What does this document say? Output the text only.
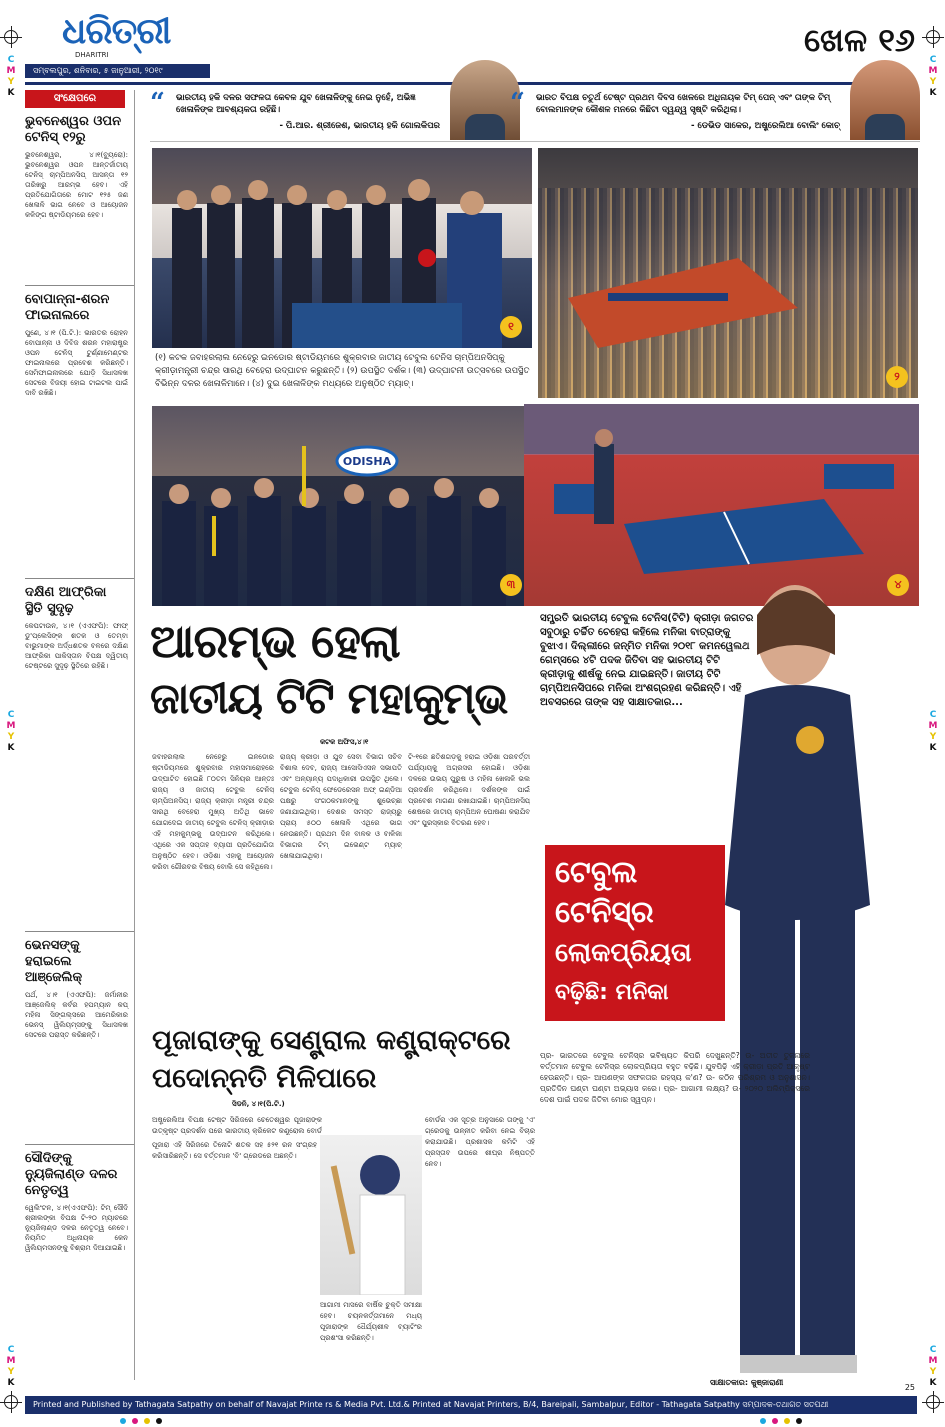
C
M
Y
K
C
M
Y
K
C
M
Y
K
C
M
Y
K
C
M
Y
K
C
M
Y
K
ଧରିତ୍ରୀ
DHARITRI
ସମ୍ବଲପୁର, ଶନିବାର, ୫ ଜାନୁଆରୀ, ୨୦୧୯
ଖେଳ ୧୬
ସଂକ୍ଷେପରେ
ଭୁବନେଶ୍ୱର ଓପନ ଟେନିସ୍ ୧୨ରୁ

ଭୁବନେଶ୍ୱର, ୪।୧(ବ୍ୟୁରୋ): ଭୁବନେଶ୍ୱର ଓପନ ଆନ୍ତର୍ଜାତୀୟ ଟେନିସ୍ ଚାମ୍ପିଅନସିପ୍ ଆସନ୍ତା ୧୨ ତାରିଖରୁ ଆରମ୍ଭ ହେବ। ଏହି ପ୍ରତିଯୋଗିତାରେ ମୋଟ ୧୨୫ ଜଣ ଖେଳାଳି ଭାଗ ନେବେ ଓ ଆୟୋଜନ କଳିଙ୍ଗ ଷ୍ଟାଡିୟମରେ ହେବ।

ବୋପାନ୍ନା-ଶରନ ଫାଇନାଲରେ

ପୁଣେ, ୪।୧ (ପି.ଟି.): ଭାରତର ରୋହନ ବୋପାନ୍ନା ଓ ଦିବିଜ ଶରନ ମହାରାଷ୍ଟ୍ର ଓପନ ଟେନିସ୍ ଟୁର୍ଣ୍ଣାମେଣ୍ଟର ଫାଇନାଲରେ ପ୍ରବେଶ କରିଛନ୍ତି। ସେମିଫାଇନାଲରେ ଯୋଡ଼ି ସିଧାସଳଖ ସେଟରେ ବିଜୟୀ ହୋଇ ଟାଇଟଲ ପାଇଁ ଦାବି ରଖିଛି।

ଦକ୍ଷିଣ ଆଫ୍ରିକା ସ୍ଥିତି ସୁଦୃଢ଼

କେପଟାଉନ, ୪।୧ (ଏଏଫପି): ଫାଫ୍ ଡୁ'ପ୍ଲେସିଙ୍କ ଶତକ ଓ ତେମ୍ବା ବାଭୁମାଙ୍କ ଅର୍ଦ୍ଧଶତକ ବଳରେ ଦକ୍ଷିଣ ଆଫ୍ରିକା ପାକିସ୍ତାନ ବିପକ୍ଷ ଦ୍ୱିତୀୟ ଟେଷ୍ଟରେ ସୁଦୃଢ଼ ସ୍ଥିତିରେ ରହିଛି।

ଭେନସଙ୍କୁ ହରାଇଲେ ଆଞ୍ଜେଲିକ୍

ପର୍ଥ, ୪।୧ (ଏଏଫପି): ଜର୍ମାନୀର ଆଞ୍ଜେଲିକ୍ କର୍ବର ହପମ୍ୟାନ କପ୍ ମହିଳା ସିଙ୍ଗଲ୍ସରେ ଆମେରିକାର ଭେନସ୍ ୱିଲିୟମ୍ସଙ୍କୁ ସିଧାସଳଖ ସେଟରେ ପରାସ୍ତ କରିଛନ୍ତି।

ସୌଦିଙ୍କୁ ନ୍ୟୁଜିଲାଣ୍ଡ ଦଳର ନେତୃତ୍ୱ

ୱେଲିଂଟନ, ୪।୧(ଏଏଫପି): ଟିମ୍ ସୌଦି ଶ୍ରୀଲଙ୍କା ବିପକ୍ଷ ଟି-୨୦ ମ୍ୟାଚରେ ନ୍ୟୁଜିଲାଣ୍ଡ ଦଳର ନେତୃତ୍ୱ ନେବେ। ନିୟମିତ ଅଧିନାୟକ କେନ ୱିଲିୟମସନଙ୍କୁ ବିଶ୍ରାମ ଦିଆଯାଇଛି।

“ ଭାରତୀୟ ହକି ଦଳର ସଫଳତା କେବଳ ଯୁବ ଖେଳାଳିଙ୍କୁ ନେଇ ନୁହେଁ, ଅଭିଜ୍ଞ ଖେଳାଳିଙ୍କ ଆବଶ୍ୟକତା ରହିଛି।
- ପି.ଆର. ଶ୍ରୀଜେଶ, ଭାରତୀୟ ହକି ଗୋଲକିପର
“ ଭାରତ ବିପକ୍ଷ ଚତୁର୍ଥ ଟେଷ୍ଟ ପ୍ରଥମ ଦିବସ ଖେଳରେ ଅଧିନାୟକ ଟିମ୍ ପେନ୍ ଏବଂ ତାଙ୍କ ଟିମ୍ ବୋଲମାନଙ୍କ କୌଶଳ ମନରେ କିଛିଟା ଦ୍ୱନ୍ଦ୍ୱ ସୃଷ୍ଟି କରିଥିଲା।
- ଡେଭିଡ ସାକେର, ଅଷ୍ଟ୍ରେଲିଆ ବୋଲିଂ କୋଚ୍
୧
୨
(୧) କଟକ ଜବାହରଲାଲ ନେହେରୁ ଇନଡୋର ଷ୍ଟାଡିୟମରେ ଶୁକ୍ରବାର ଜାତୀୟ ଟେବୁଲ ଟେନିସ ଚାମ୍ପିଅନସିପ୍‌କୁ କ୍ରୀଡ଼ାମନ୍ତ୍ରୀ ଚନ୍ଦ୍ର ସାରଥି ବେହେରା ଉଦ୍‌ଘାଟନ କରୁଛନ୍ତି। (୨) ଉପସ୍ଥିତ ଦର୍ଶକ। (୩) ଉଦ୍‌ଘାଟନୀ ଉତ୍ସବରେ ଉପସ୍ଥିତ ବିଭିନ୍ନ ଦଳର ଖେଳାଳିମାନେ। (୪) ଦୁଇ ଖେଳାଳିଙ୍କ ମଧ୍ୟରେ ଅନୁଷ୍ଠିତ ମ୍ୟାଚ୍।
ODISHA
୩	୪
ଆରମ୍ଭ ହେଲା
ଜାତୀୟ ଟିଟି ମହାକୁମ୍ଭ
କଟକ ଅଫିସ,୪।୧
ଜବାହରଲାଲ ନେହେରୁ ଇନଡୋର ଷ୍ଟାଡିୟମରେ ଶୁକ୍ରବାର ମହାସମାରୋହରେ ଉଦ୍‌ଘାଟିତ ହୋଇଛି ୮୦ତମ ସିନିୟର ଆନ୍ତଃ ରାଜ୍ୟ ଓ ଜାତୀୟ ଟେବୁଲ ଟେନିସ୍ ଚାମ୍ପିଅନସିପ୍। ରାଜ୍ୟ କ୍ରୀଡ଼ା ମନ୍ତ୍ରୀ ଚନ୍ଦ୍ର ସାରଥି ବେହେରା ମୁଖ୍ୟ ଅତିଥି ଭାବେ ଯୋଗଦେଇ ଜାତୀୟ ଟେବୁଲ ଟେନିସ୍ କ୍ରୀଡ଼ାର ଏହି ମହାକୁମ୍ଭକୁ ଉଦ୍‌ଘାଟନ କରିଥିଲେ। ଏଥିରେ ଏକ ସପ୍ତାହ ବ୍ୟାପୀ ପ୍ରତିଯୋଗିତା ଅନୁଷ୍ଠିତ ହେବ। ଓଡ଼ିଶା ଏହାକୁ ଆୟୋଜନ କରିବା ଗୌରବର ବିଷୟ ବୋଲି ସେ କହିଥିଲେ।
ରାଜ୍ୟ କ୍ରୀଡ଼ା ଓ ଯୁବ ସେବା ବିଭାଗ ସଚିବ ବିଶାଲ ଦେବ, ରାଜ୍ୟ ଆସୋସିଏସନ ସଭାପତି ଏବଂ ଅନ୍ୟାନ୍ୟ ପଦାଧିକାରୀ ଉପସ୍ଥିତ ଥିଲେ। ଟେବୁଲ ଟେନିସ୍ ଫେଡେରେସନ ଅଫ୍ ଇଣ୍ଡିଆ ପକ୍ଷରୁ ସଂଗଠକମାନଙ୍କୁ ଶୁଭେଚ୍ଛା ଜଣାଯାଇଥିଲା। ଦେଶର ସମସ୍ତ ରାଜ୍ୟରୁ ପ୍ରାୟ ୫୦୦ ଖେଳାଳି ଏଥିରେ ଭାଗ ନେଉଛନ୍ତି। ପ୍ରଥମ ଦିନ ବାଳକ ଓ ବାଳିକା ବିଭାଗର ଟିମ୍ ଇଭେଣ୍ଟ ମ୍ୟାଚ୍ ଖେଳାଯାଇଥିଲା।
ଟି-୧ରେ ଛତିଶଗଡ଼କୁ ହରାଇ ଓଡ଼ିଶା ପରବର୍ତ୍ତୀ ପର୍ଯ୍ୟାୟକୁ ଅଗ୍ରସର ହୋଇଛି। ଓଡ଼ିଶା ଦଳରେ ଉଭୟ ପୁରୁଷ ଓ ମହିଳା ଖେଳାଳି ଭଲ ପ୍ରଦର୍ଶନ କରିଥିଲେ। ଦର୍ଶକଙ୍କ ପାଇଁ ପ୍ରବେଶ ମାଗଣା ରଖାଯାଇଛି। ଚାମ୍ପିଅନସିପ୍ ଶେଷରେ ଜାତୀୟ ଚାମ୍ପିଅନ ଘୋଷଣା କରାଯିବ ଏବଂ ପୁରସ୍କାର ବିତରଣ ହେବ।
ପୂଜାରାଙ୍କୁ ସେଣ୍ଟ୍ରାଲ କଣ୍ଟ୍ରାକ୍ଟରେ
ପଦୋନ୍ନତି ମିଳିପାରେ
ସିଡନି, ୪।୧(ପି.ଟି.)
ଅଷ୍ଟ୍ରେଲିଆ ବିପକ୍ଷ ଟେଷ୍ଟ ସିରିଜରେ ଚେତେଶ୍ୱର ପୂଜାରାଙ୍କ ଉତ୍କୃଷ୍ଟ ପ୍ରଦର୍ଶନ ପରେ ଭାରତୀୟ କ୍ରିକେଟ କଣ୍ଟ୍ରୋଲ ବୋର୍ଡ
ପୂଜାରା ଏହି ସିରିଜରେ ତିନୋଟି ଶତକ ସହ ୫୨୧ ରନ ସଂଗ୍ରହ କରିସାରିଛନ୍ତି। ସେ ବର୍ତ୍ତମାନ 'ବି' ଗ୍ରେଡରେ ଅଛନ୍ତି।
ବୋର୍ଡର ଏକ ସୂତ୍ର ଅନୁସାରେ ତାଙ୍କୁ 'ଏ' ଗ୍ରେଡକୁ ଉନ୍ନୀତ କରିବା ନେଇ ବିଚାର କରାଯାଉଛି। ପ୍ରଶାସକ କମିଟି ଏହି ପ୍ରସ୍ତାବ ଉପରେ ଶୀଘ୍ର ନିଷ୍ପତ୍ତି ନେବ।
ଆଗାମୀ ମାସରେ ବାର୍ଷିକ ଚୁକ୍ତି ସମୀକ୍ଷା ହେବ। ଚୟନକର୍ତ୍ତାମାନେ ମଧ୍ୟ ପୂଜାରାଙ୍କ ଧୈର୍ଯ୍ୟଶୀଳ ବ୍ୟାଟିଂର ପ୍ରଶଂସା କରିଛନ୍ତି।
ସମ୍ପ୍ରତି ଭାରତୀୟ ଟେବୁଲ ଟେନିସ(ଟିଟି) କ୍ରୀଡ଼ା ଜଗତର ସବୁଠାରୁ ଚର୍ଚ୍ଚିତ ଚେହେରା କହିଲେ ମନିକା ବାତ୍ରାଙ୍କୁ ବୁଝାଏ। ଦିଲ୍ଲୀରେ ଜନ୍ମିତ ମନିକା ୨୦୧୮ କମନୱେଲଥ ଗେମ୍ସରେ ୪ଟି ପଦକ ଜିତିବା ସହ ଭାରତୀୟ ଟିଟି କ୍ରୀଡ଼ାକୁ ଶୀର୍ଷକୁ ନେଇ ଯାଇଛନ୍ତି। ଜାତୀୟ ଟିଟି ଚାମ୍ପିଅନସିପରେ ମନିକା ଅଂଶଗ୍ରହଣ କରିଛନ୍ତି। ଏହି ଅବସରରେ ତାଙ୍କ ସହ ସାକ୍ଷାତକାର...
ଟେବୁଲ
ଟେନିସ୍‌ର
ଲୋକପ୍ରିୟତା
ବଢ଼ିଛି: ମନିକା
ପ୍ର- ଭାରତରେ ଟେବୁଲ ଟେନିସ୍‌ର ଭବିଷ୍ୟତ କିପରି ଦେଖୁଛନ୍ତି? ଉ- ଅତୀତ ତୁଳନାରେ ବର୍ତ୍ତମାନ ଟେବୁଲ ଟେନିସ୍‌ର ଲୋକପ୍ରିୟତା ବହୁତ ବଢ଼ିଛି। ଯୁବପିଢ଼ି ଏହି କ୍ରୀଡ଼ା ପ୍ରତି ଆକୃଷ୍ଟ ହେଉଛନ୍ତି। ପ୍ର- ଆପଣଙ୍କ ସଫଳତାର ରହସ୍ୟ କ'ଣ? ଉ- କଠିନ ପରିଶ୍ରମ ଓ ଅନୁଶାସନ। ପ୍ରତିଦିନ ଘଣ୍ଟା ଘଣ୍ଟା ଅଭ୍ୟାସ କରେ। ପ୍ର- ଆଗାମୀ ଲକ୍ଷ୍ୟ? ଉ- ୨୦୨୦ ଅଲିମ୍ପିକ୍ସରେ ଦେଶ ପାଇଁ ପଦକ ଜିତିବା ମୋର ସ୍ୱପ୍ନ।
ସାକ୍ଷାତକାର: କୁଞ୍ଜାରାଣୀ
25
Printed and Published by Tathagata Satpathy on behalf of Navajat Printe rs & Media Pvt. Ltd.& Printed at Navajat Printers, B/4, Bareipali, Sambalpur, Editor - Tathagata Satpathy ସମ୍ପାଦକ-ତଥାଗତ ସତପଥୀ
